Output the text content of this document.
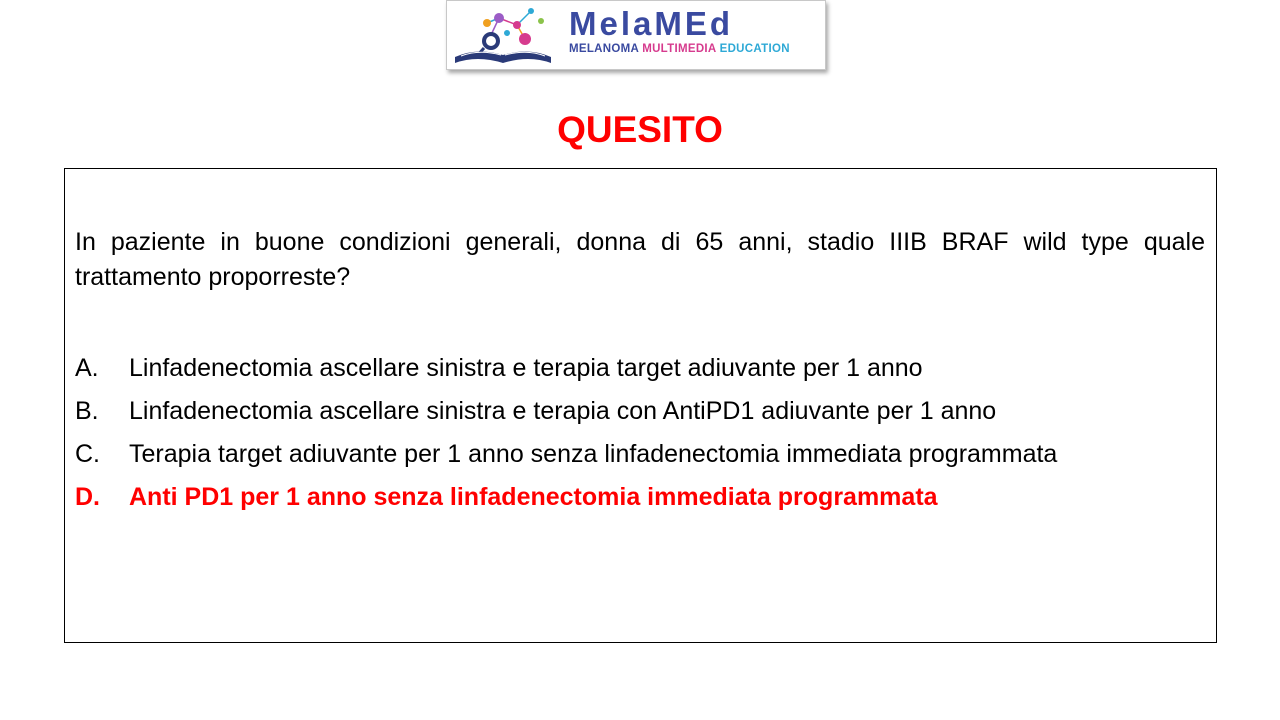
MelaMEd
MELANOMA MULTIMEDIA EDUCATION
QUESITO
In paziente in buone condizioni generali, donna di 65 anni, stadio IIIB BRAF wild type quale trattamento proporreste?
A. Linfadenectomia ascellare sinistra e terapia target adiuvante per 1 anno
B. Linfadenectomia ascellare sinistra e terapia con AntiPD1 adiuvante per 1 anno
C. Terapia target adiuvante per 1 anno senza linfadenectomia immediata programmata
D. Anti PD1 per 1 anno senza linfadenectomia immediata programmata
